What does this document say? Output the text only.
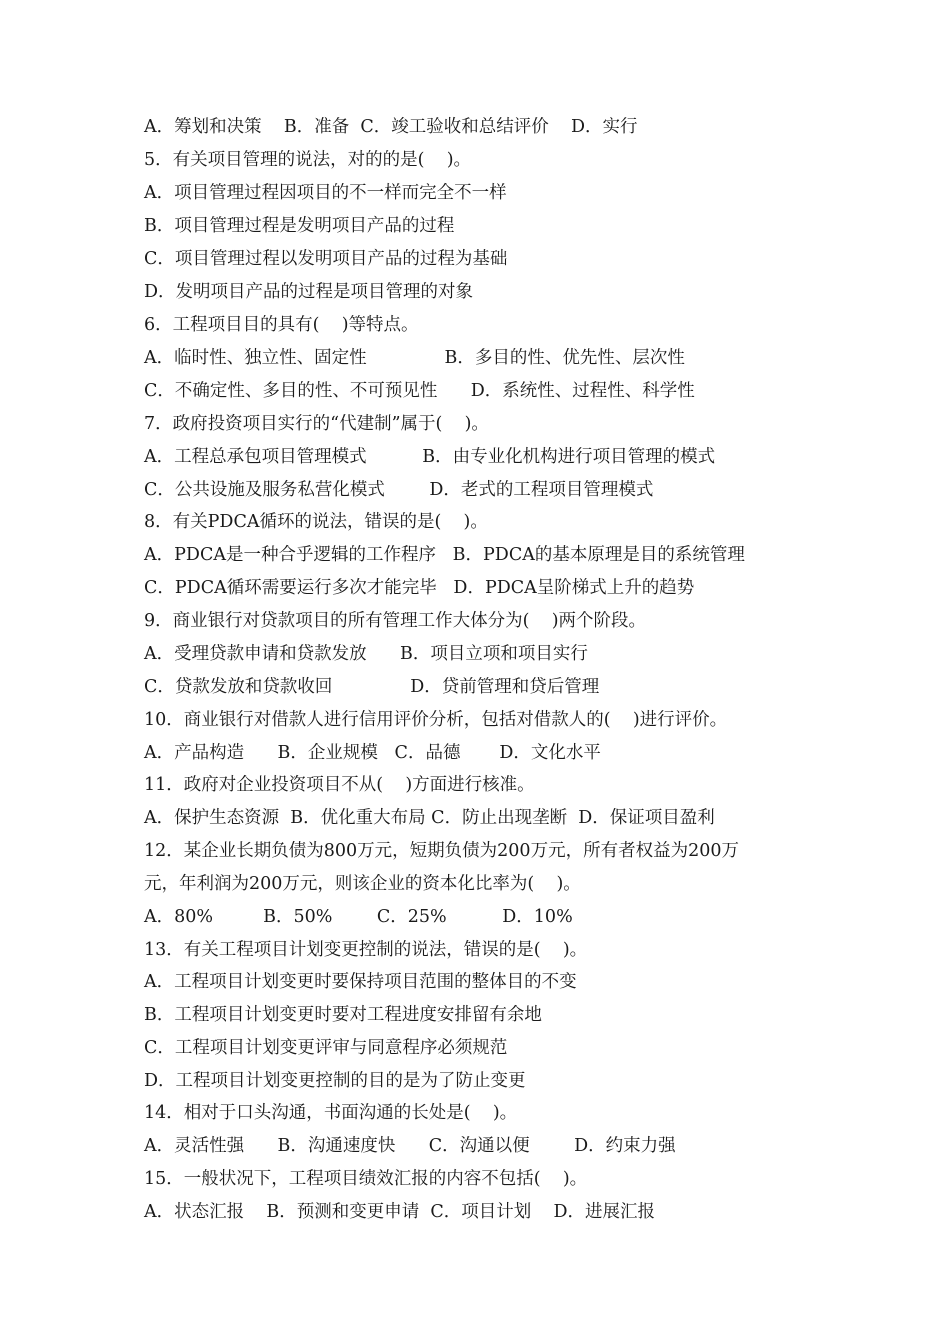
A．筹划和决策    B．准备  C．竣工验收和总结评价    D．实行
5．有关项目管理的说法，对的的是(    )。
A．项目管理过程因项目的不一样而完全不一样
B．项目管理过程是发明项目产品的过程
C．项目管理过程以发明项目产品的过程为基础
D．发明项目产品的过程是项目管理的对象
6．工程项目目的具有(    )等特点。
A．临时性、独立性、固定性              B．多目的性、优先性、层次性
C．不确定性、多目的性、不可预见性      D．系统性、过程性、科学性
7．政府投资项目实行的“代建制”属于(    )。
A．工程总承包项目管理模式          B．由专业化机构进行项目管理的模式
C．公共设施及服务私营化模式        D．老式的工程项目管理模式
8．有关PDCA循环的说法，错误的是(    )。
A．PDCA是一种合乎逻辑的工作程序   B．PDCA的基本原理是目的系统管理
C．PDCA循环需要运行多次才能完毕   D．PDCA呈阶梯式上升的趋势
9．商业银行对贷款项目的所有管理工作大体分为(    )两个阶段。
A．受理贷款申请和贷款发放      B．项目立项和项目实行
C．贷款发放和贷款收回              D．贷前管理和贷后管理
10．商业银行对借款人进行信用评价分析，包括对借款人的(    )进行评价。
A．产品构造      B．企业规模   C．品德       D．文化水平
11．政府对企业投资项目不从(    )方面进行核准。
A．保护生态资源  B．优化重大布局 C．防止出现垄断  D．保证项目盈利
12．某企业长期负债为800万元，短期负债为200万元，所有者权益为200万
元，年利润为200万元，则该企业的资本化比率为(    )。
A．80%         B．50%        C．25%          D．10%
13．有关工程项目计划变更控制的说法，错误的是(    )。
A．工程项目计划变更时要保持项目范围的整体目的不变
B．工程项目计划变更时要对工程进度安排留有余地
C．工程项目计划变更评审与同意程序必须规范
D．工程项目计划变更控制的目的是为了防止变更
14．相对于口头沟通，书面沟通的长处是(    )。
A．灵活性强      B．沟通速度快      C．沟通以便        D．约束力强
15．一般状况下，工程项目绩效汇报的内容不包括(    )。
A．状态汇报    B．预测和变更申请  C．项目计划    D．进展汇报
